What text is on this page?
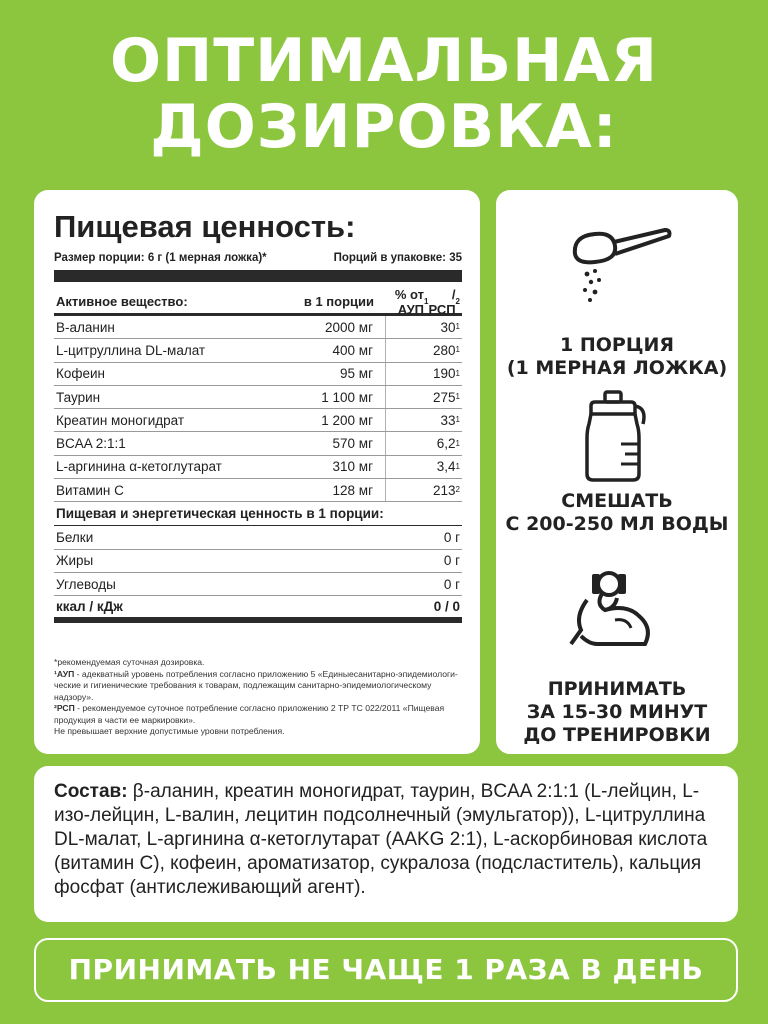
ОПТИМАЛЬНАЯ
ДОЗИРОВКА:
Пищевая ценность:
Размер порции: 6 г (1 мерная ложка)*	Порций в упаковке: 35
Активное вещество:	в 1 порции	% от АУП
1	/РСП
2
В-аланин	2000 мг	30 1
L-цитруллина DL-малат	400 мг	280 1
Кофеин	95 мг	190 1
Таурин	1 100 мг	275 1
Креатин моногидрат	1 200 мг	33 1
BCAA 2:1:1	570 мг	6,2 1
L-аргинина α-кетоглутарат	310 мг	3,4 1
Витамин С	128 мг	213 2
Пищевая и энергетическая ценность в 1 порции:
Белки	0 г
Жиры	0 г
Углеводы	0 г
ккал / кДж	0 / 0
*рекомендуемая суточная дозировка.
¹АУП - адекватный уровень потребления согласно приложению 5 «Единыесанитарно-эпидемиологи-
ческие и гигиенические требования к товарам, подлежащим санитарно-эпидемиологическому надзору».
²РСП - рекомендуемое суточное потребление согласно приложению 2 ТР ТС 022/2011 «Пищевая
продукция в части ее маркировки».
Не превышает верхние допустимые уровни потребления.
1 ПОРЦИЯ
(1 МЕРНАЯ ЛОЖКА)
СМЕШАТЬ
С 200-250 МЛ ВОДЫ
ПРИНИМАТЬ
ЗА 15-30 МИНУТ
ДО ТРЕНИРОВКИ
Состав: β-аланин, креатин моногидрат, таурин, BCAA 2:1:1 (L-лейцин, L-изо-лейцин, L-валин, лецитин подсолнечный (эмульгатор)), L-цитруллина DL-малат, L-аргинина α-кетоглутарат (AAKG 2:1), L-аскорбиновая кислота (витамин С), кофеин, ароматизатор, сукралоза (подсластитель), кальция фосфат (антислеживающий агент).
ПРИНИМАТЬ НЕ ЧАЩЕ 1 РАЗА В ДЕНЬ
